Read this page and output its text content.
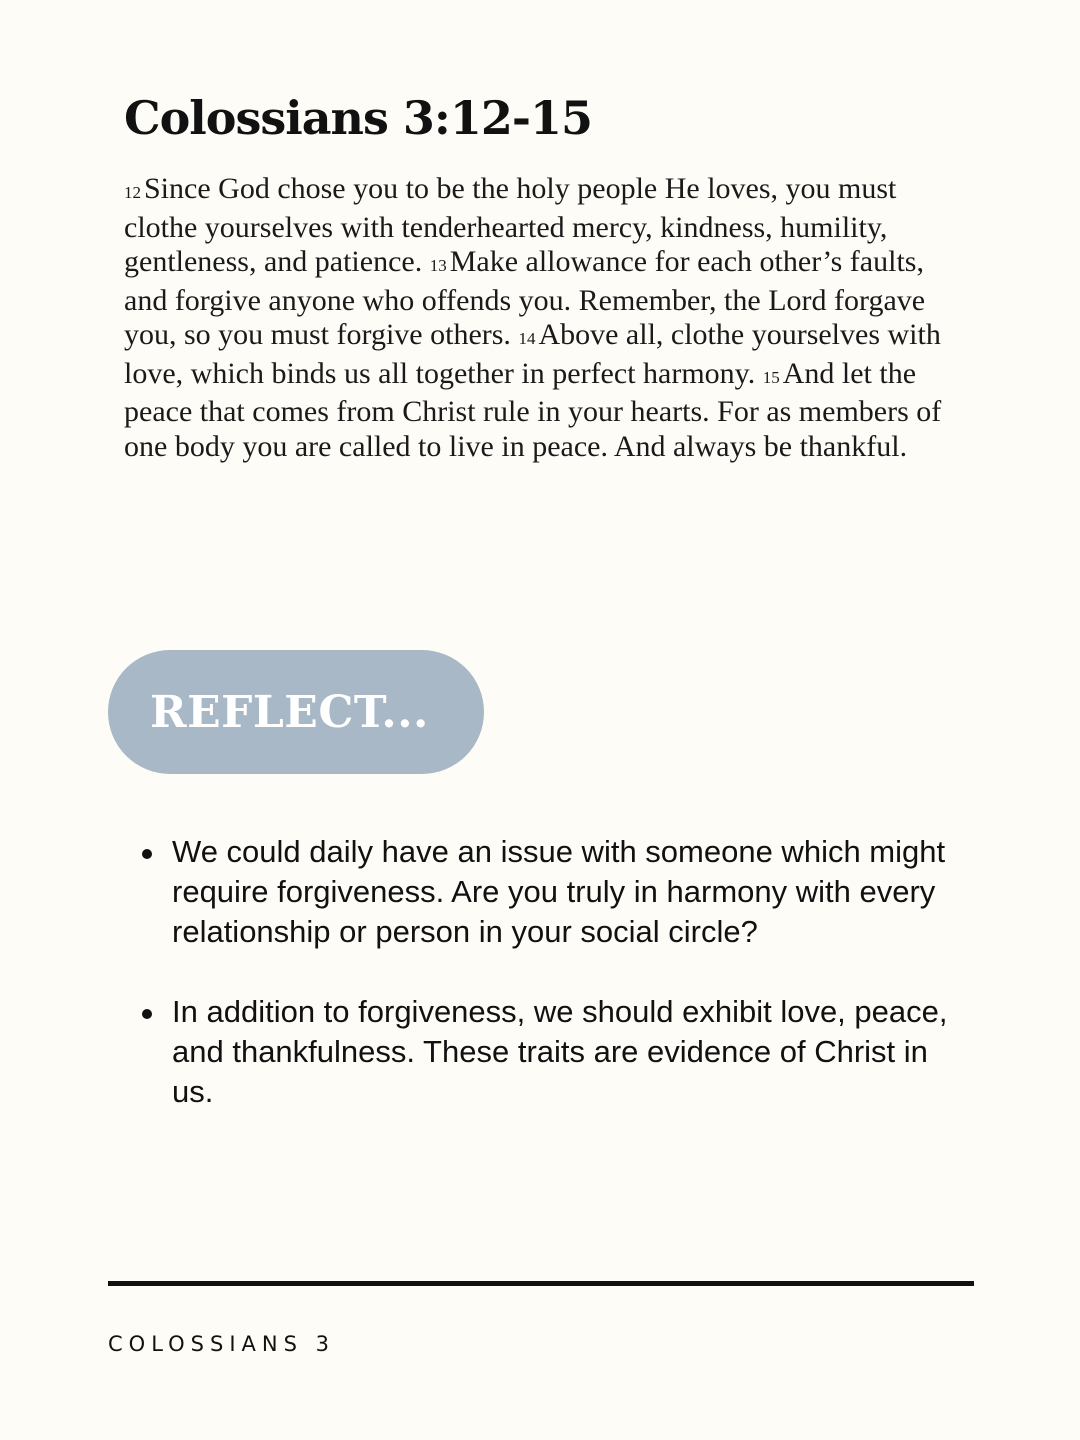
Colossians 3:12-15

12 Since God chose you to be the holy people He loves, you must clothe yourselves with tenderhearted mercy, kindness, humility, gentleness, and patience. 13 Make allowance for each other’s faults, and forgive anyone who offends you. Remember, the Lord forgave you, so you must forgive others. 14 Above all, clothe yourselves with love, which binds us all together in perfect harmony. 15 And let the peace that comes from Christ rule in your hearts. For as members of one body you are called to live in peace. And always be thankful.

REFLECT...
We could daily have an issue with someone which might require forgiveness. Are you truly in harmony with every relationship or person in your social circle?
In addition to forgiveness, we should exhibit love, peace, and thankfulness. These traits are evidence of Christ in us.
COLOSSIANS 3
